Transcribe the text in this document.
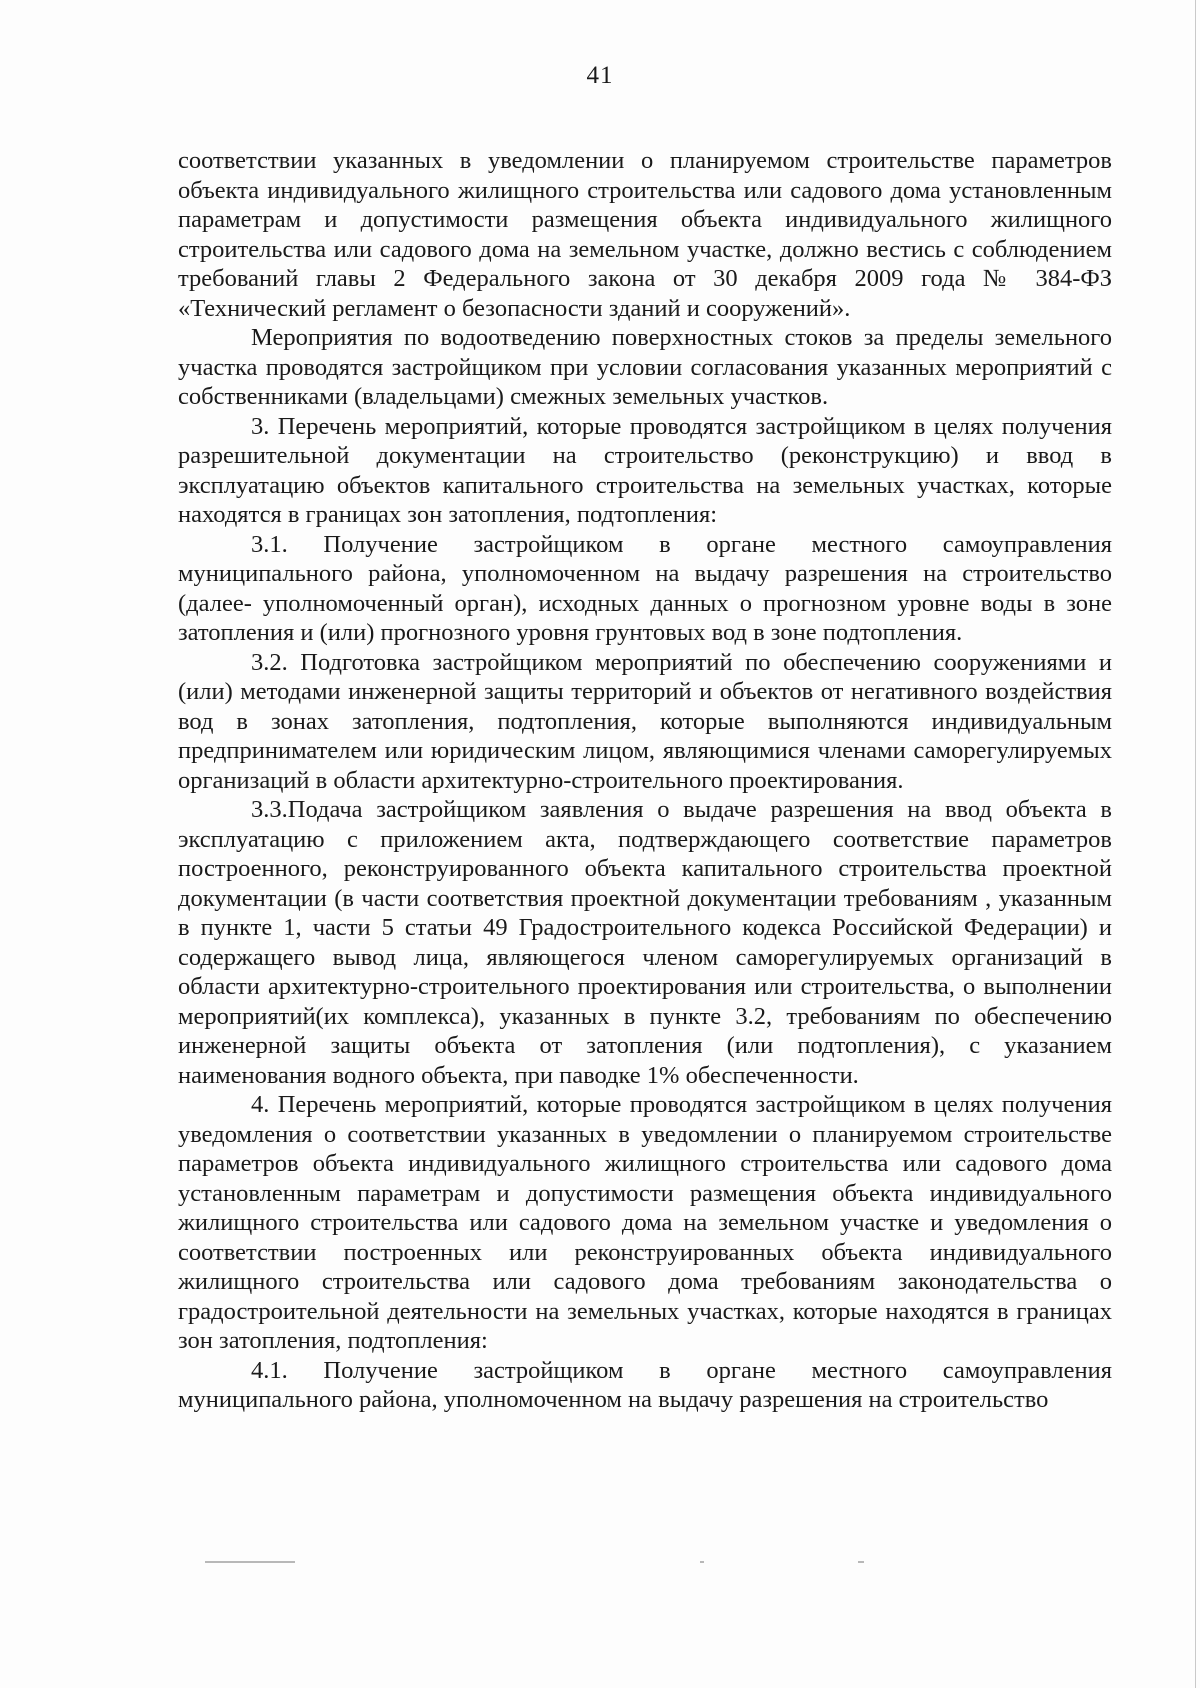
41

соответствии указанных в уведомлении о планируемом строительстве параметров объекта индивидуального жилищного строительства или садового дома установленным параметрам и допустимости размещения объекта индивидуального жилищного строительства или садового дома на земельном участке, должно вестись с соблюдением требований главы 2 Федерального закона от 30 декабря 2009 года № 384-ФЗ «Технический регламент о безопасности зданий и сооружений».

Мероприятия по водоотведению поверхностных стоков за пределы земельного участка проводятся застройщиком при условии согласования указанных мероприятий с собственниками (владельцами) смежных земельных участков.

3. Перечень мероприятий, которые проводятся застройщиком в целях получения разрешительной документации на строительство (реконструкцию) и ввод в эксплуатацию объектов капитального строительства на земельных участках, которые находятся в границах зон затопления, подтопления:

3.1. Получение застройщиком в органе местного самоуправления муниципального района, уполномоченном на выдачу разрешения на строительство (далее- уполномоченный орган), исходных данных о прогнозном уровне воды в зоне затопления и (или) прогнозного уровня грунтовых вод в зоне подтопления.

3.2. Подготовка застройщиком мероприятий по обеспечению сооружениями и (или) методами инженерной защиты территорий и объектов от негативного воздействия вод в зонах затопления, подтопления, которые выполняются индивидуальным предпринимателем или юридическим лицом, являющимися членами саморегулируемых организаций в области архитектурно-строительного проектирования.

3.3.Подача застройщиком заявления о выдаче разрешения на ввод объекта в эксплуатацию с приложением акта, подтверждающего соответствие параметров построенного, реконструированного объекта капитального строительства проектной документации (в части соответствия проектной документации требованиям , указанным в пункте 1, части 5 статьи 49 Градостроительного кодекса Российской Федерации) и содержащего вывод лица, являющегося членом саморегулируемых организаций в области архитектурно-строительного проектирования или строительства, о выполнении мероприятий(их комплекса), указанных в пункте 3.2, требованиям по обеспечению инженерной защиты объекта от затопления (или подтопления), с указанием наименования водного объекта, при паводке 1% обеспеченности.

4. Перечень мероприятий, которые проводятся застройщиком в целях получения уведомления о соответствии указанных в уведомлении о планируемом строительстве параметров объекта индивидуального жилищного строительства или садового дома установленным параметрам и допустимости размещения объекта индивидуального жилищного строительства или садового дома на земельном участке и уведомления о соответствии построенных или реконструированных объекта индивидуального жилищного строительства или садового дома требованиям законодательства о градостроительной деятельности на земельных участках, которые находятся в границах зон затопления, подтопления:

4.1. Получение застройщиком в органе местного самоуправления муниципального района, уполномоченном на выдачу разрешения на строительство
